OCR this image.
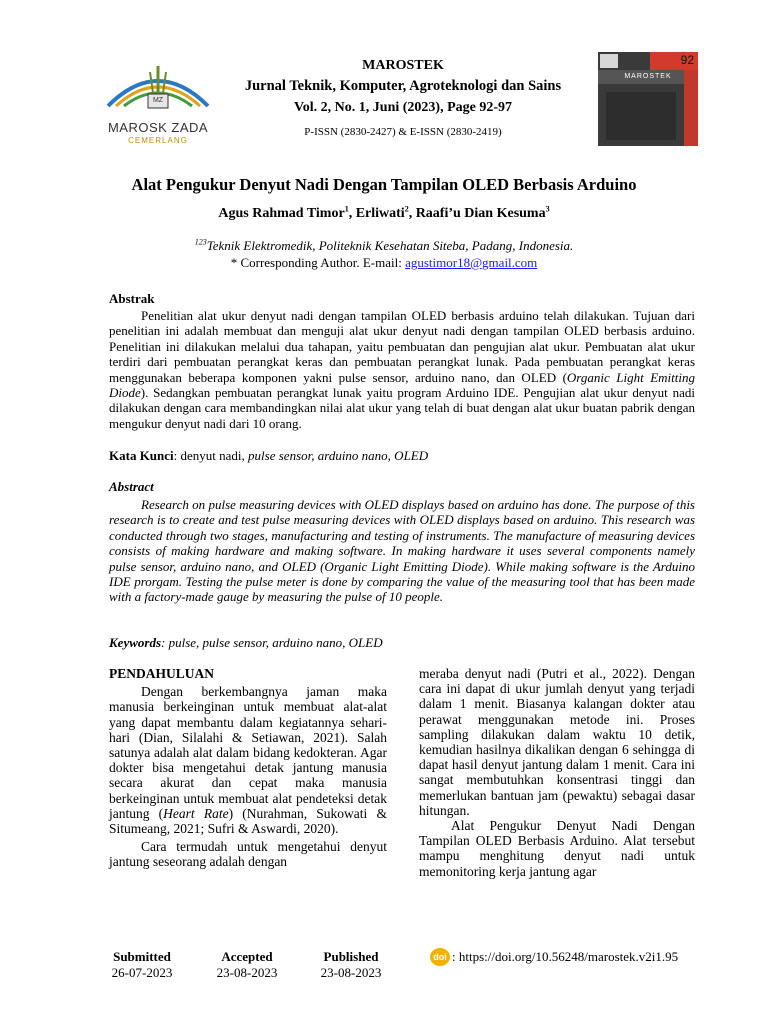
MAROSK ZADA
CEMERLANG
MZ
MAROSTEK
Jurnal Teknik, Komputer, Agroteknologi dan Sains
Vol. 2, No. 1, Juni (2023), Page 92-97
P-ISSN (2830-2427) & E-ISSN (2830-2419)
92
MAROSTEK
Alat Pengukur Denyut Nadi Dengan Tampilan OLED Berbasis Arduino
Agus Rahmad Timor$^1$, Erliwati$^2$, Raafi’u Dian Kesuma$^3$
$^{123}$Teknik Elektromedik, Politeknik Kesehatan Siteba, Padang, Indonesia.
* Corresponding Author. E-mail: agustimor18@gmail.com
Abstrak
Penelitian alat ukur denyut nadi dengan tampilan OLED berbasis arduino telah dilakukan. Tujuan dari penelitian ini adalah membuat dan menguji alat ukur denyut nadi dengan tampilan OLED berbasis arduino. Penelitian ini dilakukan melalui dua tahapan, yaitu pembuatan dan pengujian alat ukur. Pembuatan alat ukur terdiri dari pembuatan perangkat keras dan pembuatan perangkat lunak. Pada pembuatan perangkat keras menggunakan beberapa komponen yakni pulse sensor, arduino nano, dan OLED (Organic Light Emitting Diode). Sedangkan pembuatan perangkat lunak yaitu program Arduino IDE. Pengujian alat ukur denyut nadi dilakukan dengan cara membandingkan nilai alat ukur yang telah di buat dengan alat ukur buatan pabrik dengan mengukur denyut nadi dari 10 orang.
Kata Kunci: denyut nadi, pulse sensor, arduino nano, OLED
Abstract
Research on pulse measuring devices with OLED displays based on arduino has done. The purpose of this research is to create and test pulse measuring devices with OLED displays based on arduino. This research was conducted through two stages, manufacturing and testing of instruments. The manufacture of measuring devices consists of making hardware and making software. In making hardware it uses several components namely pulse sensor, arduino nano, and OLED (Organic Light Emitting Diode). While making software is the Arduino IDE prorgam. Testing the pulse meter is done by comparing the value of the measuring tool that has been made with a factory-made gauge by measuring the pulse of 10 people.
Keywords: pulse, pulse sensor, arduino nano, OLED

PENDAHULUAN

Dengan berkembangnya jaman maka manusia berkeinginan untuk membuat alat-alat yang dapat membantu dalam kegiatannya sehari-hari (Dian, Silalahi & Setiawan, 2021). Salah satunya adalah alat dalam bidang kedokteran. Agar dokter bisa mengetahui detak jantung manusia secara akurat dan cepat maka manusia berkeinginan untuk membuat alat pendeteksi detak jantung (Heart Rate) (Nurahman, Sukowati & Situmeang, 2021; Sufri & Aswardi, 2020).

Cara termudah untuk mengetahui denyut jantung seseorang adalah dengan

meraba denyut nadi (Putri et al., 2022). Dengan cara ini dapat di ukur jumlah denyut yang terjadi dalam 1 menit. Biasanya kalangan dokter atau perawat menggunakan metode ini. Proses sampling dilakukan dalam waktu 10 detik, kemudian hasilnya dikalikan dengan 6 sehingga di dapat hasil denyut jantung dalam 1 menit. Cara ini sangat membutuhkan konsentrasi tinggi dan memerlukan bantuan jam (pewaktu) sebagai dasar hitungan.

Alat Pengukur Denyut Nadi Dengan Tampilan OLED Berbasis Arduino. Alat tersebut mampu menghitung denyut nadi untuk memonitoring kerja jantung agar

Submitted
26-07-2023
Accepted
23-08-2023
Published
23-08-2023
doi : https://doi.org/10.56248/marostek.v2i1.95
